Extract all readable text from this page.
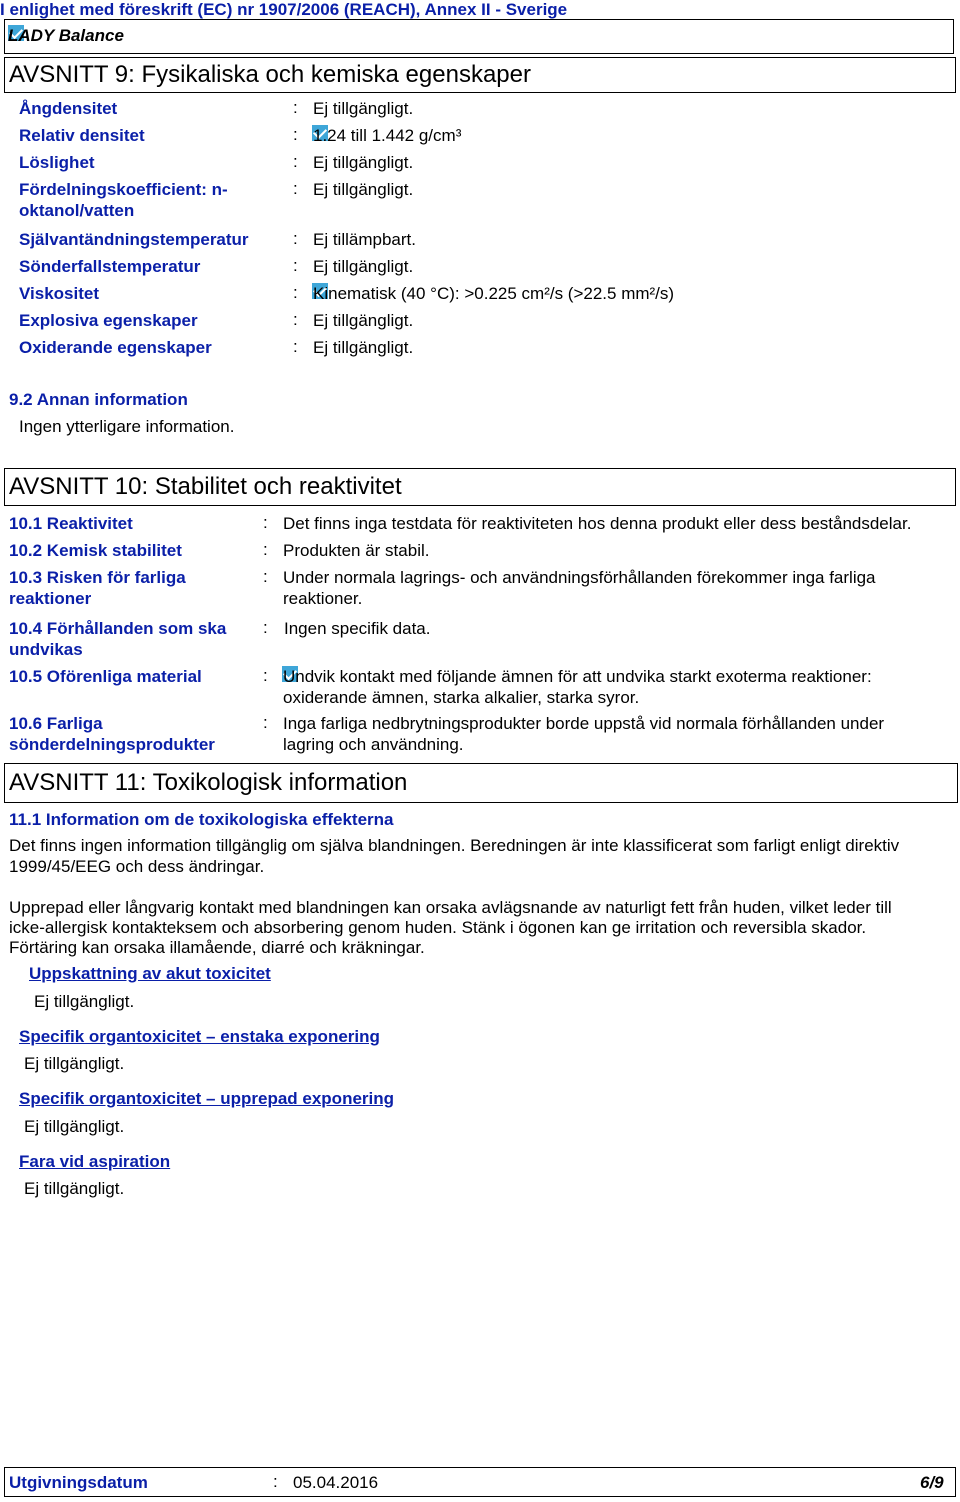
I enlighet med föreskrift (EC) nr 1907/2006 (REACH), Annex II - Sverige
LADY Balance
AVSNITT 9: Fysikaliska och kemiska egenskaper
Ångdensitet	: Ej tillgängligt.
Relativ densitet	: 1.24 till 1.442 g/cm³
Löslighet	: Ej tillgängligt.
Fördelningskoefficient: n-
oktanol/vatten
: Ej tillgängligt.
Självantändningstemperatur	: Ej tillämpbart.
Sönderfallstemperatur	: Ej tillgängligt.
Viskositet	: Kinematisk (40 °C): >0.225 cm²/s (>22.5 mm²/s)
Explosiva egenskaper	: Ej tillgängligt.
Oxiderande egenskaper	: Ej tillgängligt.
9.2 Annan information
Ingen ytterligare information.
AVSNITT 10: Stabilitet och reaktivitet
10.1 Reaktivitet	: Det finns inga testdata för reaktiviteten hos denna produkt eller dess beståndsdelar.
10.2 Kemisk stabilitet	: Produkten är stabil.
10.3 Risken för farliga
reaktioner
: Under normala lagrings- och användningsförhållanden förekommer inga farliga
reaktioner.
10.4 Förhållanden som ska
undvikas
: Ingen specifik data.
10.5 Oförenliga material	: Undvik kontakt med följande ämnen för att undvika starkt exoterma reaktioner:
oxiderande ämnen, starka alkalier, starka syror.
10.6 Farliga
sönderdelningsprodukter
: Inga farliga nedbrytningsprodukter borde uppstå vid normala förhållanden under
lagring och användning.
AVSNITT 11: Toxikologisk information
11.1 Information om de toxikologiska effekterna
Det finns ingen information tillgänglig om själva blandningen. Beredningen är inte klassificerat som farligt enligt direktiv
1999/45/EEG och dess ändringar.
Upprepad eller långvarig kontakt med blandningen kan orsaka avlägsnande av naturligt fett från huden, vilket leder till
icke-allergisk kontakteksem och absorbering genom huden. Stänk i ögonen kan ge irritation och reversibla skador.
Förtäring kan orsaka illamående, diarré och kräkningar.
Uppskattning av akut toxicitet
Ej tillgängligt.
Specifik organtoxicitet – enstaka exponering
Ej tillgängligt.
Specifik organtoxicitet – upprepad exponering
Ej tillgängligt.
Fara vid aspiration
Ej tillgängligt.
Utgivningsdatum	: 05.04.2016	6/9
